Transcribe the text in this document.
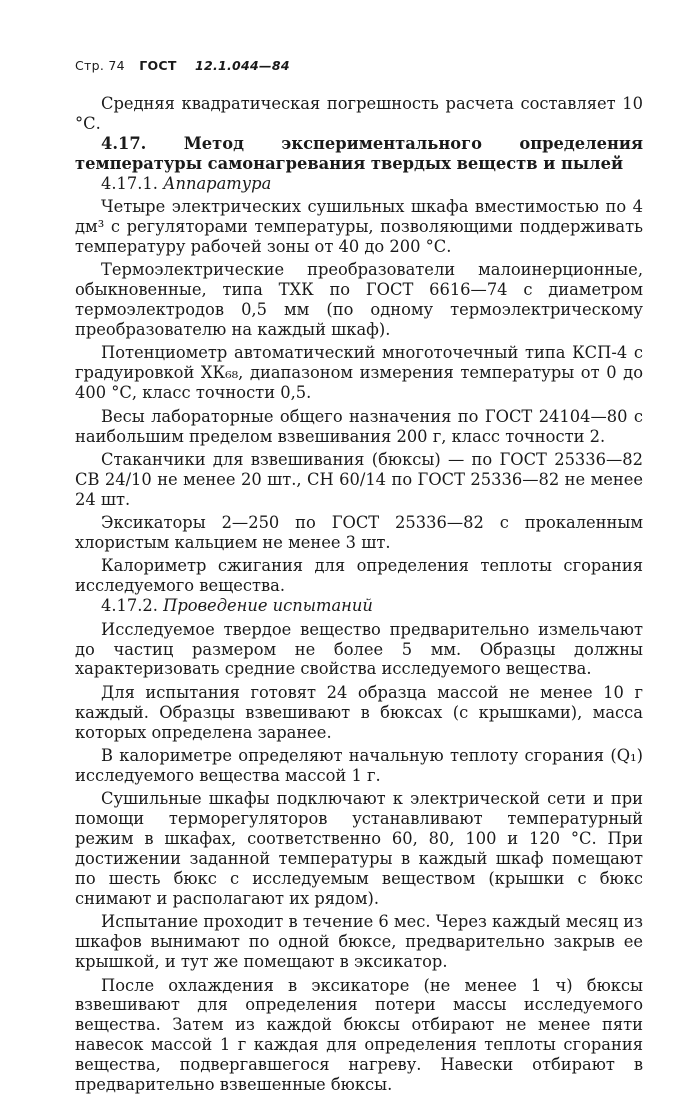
Стр. 74 ГОСТ 12.1.044—84

Средняя квадратическая погрешность расчета составляет 10 °С.

4.17. Метод экспериментального определения температуры самонагревания твердых веществ и пылей

4.17.1. Аппаратура

Четыре электрических сушильных шкафа вместимостью по 4 дм³ с регуляторами температуры, позволяющими поддерживать температуру рабочей зоны от 40 до 200 °С.

Термоэлектрические преобразователи малоинерционные, обыкновенные, типа ТХК по ГОСТ 6616—74 с диаметром термоэлектродов 0,5 мм (по одному термоэлектрическому преобразователю на каждый шкаф).

Потенциометр автоматический многоточечный типа КСП-4 с градуировкой ХК₆₈, диапазоном измерения температуры от 0 до 400 °С, класс точности 0,5.

Весы лабораторные общего назначения по ГОСТ 24104—80 с наибольшим пределом взвешивания 200 г, класс точности 2.

Стаканчики для взвешивания (бюксы) — по ГОСТ 25336—82 СВ 24/10 не менее 20 шт., СН 60/14 по ГОСТ 25336—82 не менее 24 шт.

Эксикаторы 2—250 по ГОСТ 25336—82 с прокаленным хлористым кальцием не менее 3 шт.

Калориметр сжигания для определения теплоты сгорания исследуемого вещества.

4.17.2. Проведение испытаний

Исследуемое твердое вещество предварительно измельчают до частиц размером не более 5 мм. Образцы должны характеризовать средние свойства исследуемого вещества.

Для испытания готовят 24 образца массой не менее 10 г каждый. Образцы взвешивают в бюксах (с крышками), масса которых определена заранее.

В калориметре определяют начальную теплоту сгорания (Q₁) исследуемого вещества массой 1 г.

Сушильные шкафы подключают к электрической сети и при помощи терморегуляторов устанавливают температурный режим в шкафах, соответственно 60, 80, 100 и 120 °С. При достижении заданной температуры в каждый шкаф помещают по шесть бюкс с исследуемым веществом (крышки с бюкс снимают и располагают их рядом).

Испытание проходит в течение 6 мес. Через каждый месяц из шкафов вынимают по одной бюксе, предварительно закрыв ее крышкой, и тут же помещают в эксикатор.

После охлаждения в эксикаторе (не менее 1 ч) бюксы взвешивают для определения потери массы исследуемого вещества. Затем из каждой бюксы отбирают не менее пяти навесок массой 1 г каждая для определения теплоты сгорания вещества, подвергавшегося нагреву. Навески отбирают в предварительно взвешенные бюксы.
